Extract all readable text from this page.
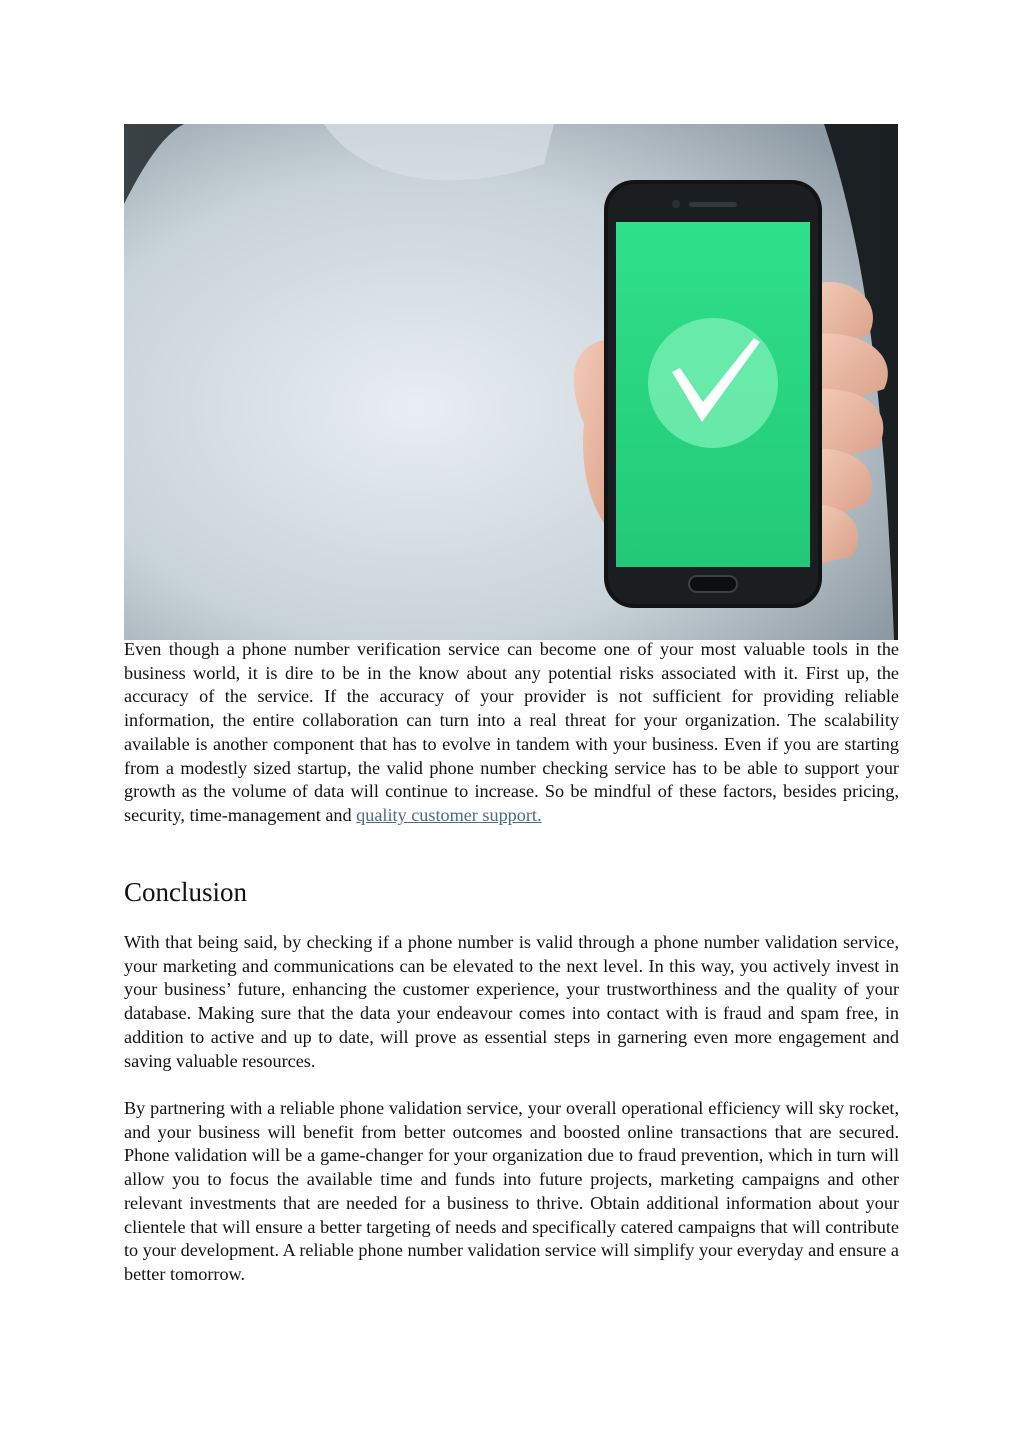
Even though a phone number verification service can become one of your most valuable tools in the business world, it is dire to be in the know about any potential risks associated with it. First up, the accuracy of the service. If the accuracy of your provider is not sufficient for providing reliable information, the entire collaboration can turn into a real threat for your organization. The scalability available is another component that has to evolve in tandem with your business. Even if you are starting from a modestly sized startup, the valid phone number checking service has to be able to support your growth as the volume of data will continue to increase. So be mindful of these factors, besides pricing, security, time-management and quality customer support.

Conclusion

With that being said, by checking if a phone number is valid through a phone number validation service, your marketing and communications can be elevated to the next level. In this way, you actively invest in your business’ future, enhancing the customer experience, your trustworthiness and the quality of your database. Making sure that the data your endeavour comes into contact with is fraud and spam free, in addition to active and up to date, will prove as essential steps in garnering even more engagement and saving valuable resources.

By partnering with a reliable phone validation service, your overall operational efficiency will sky rocket, and your business will benefit from better outcomes and boosted online transactions that are secured. Phone validation will be a game-changer for your organization due to fraud prevention, which in turn will allow you to focus the available time and funds into future projects, marketing campaigns and other relevant investments that are needed for a business to thrive. Obtain additional information about your clientele that will ensure a better targeting of needs and specifically catered campaigns that will contribute to your development. A reliable phone number validation service will simplify your everyday and ensure a better tomorrow.
